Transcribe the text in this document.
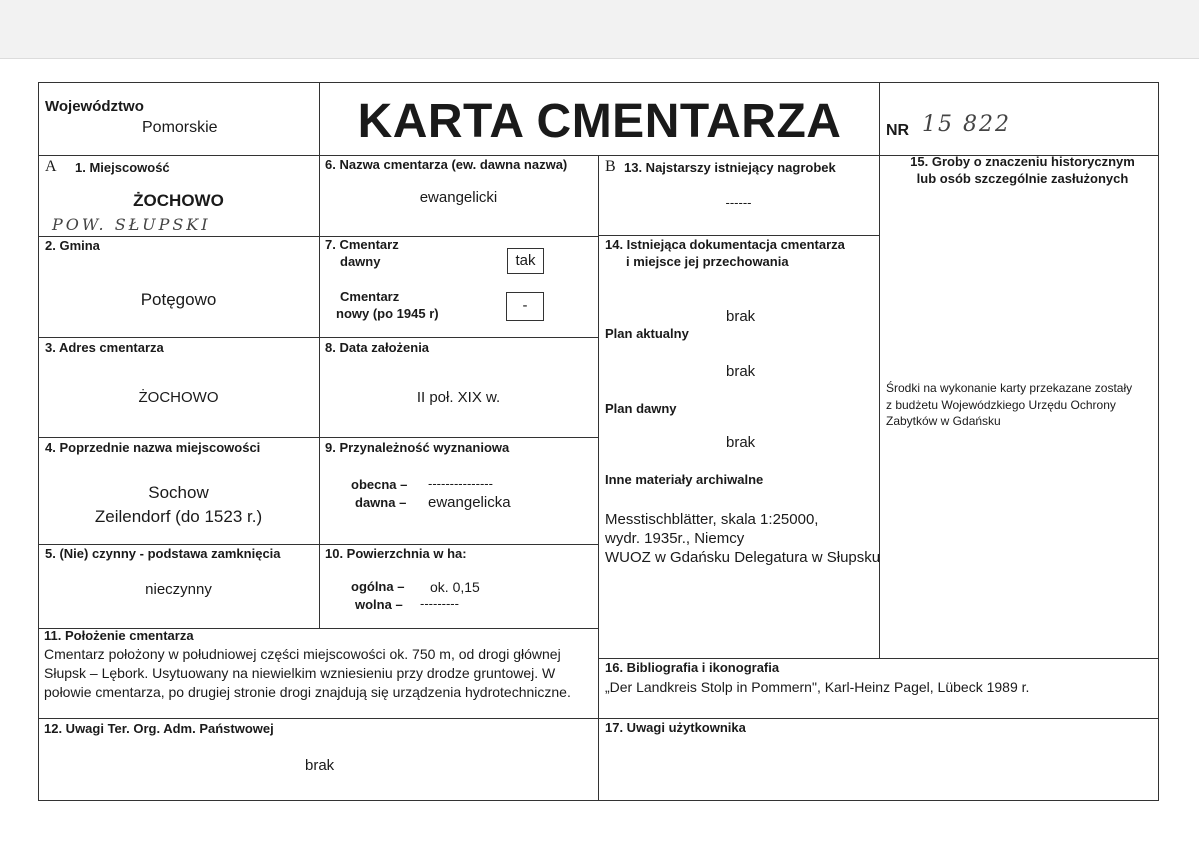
Województwo
Pomorskie	KARTA CMENTARZA	NR 15 822
A 1. Miejscowość
ŻOCHOWO
POW. SŁUPSKI
2. Gmina
Potęgowo
3. Adres cmentarza
ŻOCHOWO
4. Poprzednie nazwa miejscowości
Sochow
Zeilendorf (do 1523 r.)
5. (Nie) czynny - podstawa zamknięcia
nieczynny
6. Nazwa cmentarza (ew. dawna nazwa)
ewangelicki
7. Cmentarz
dawny	tak
Cmentarz
nowy (po 1945 r)	-
8. Data założenia
II poł. XIX w.
9. Przynależność wyznaniowa
obecna – ---------------
dawna – ewangelicka
10. Powierzchnia w ha:
ogólna – ok. 0,15
wolna – ---------
B 13. Najstarszy istniejący nagrobek
------
14. Istniejąca dokumentacja cmentarza
i miejsce jej przechowania
brak
Plan aktualny
brak
Plan dawny
brak
Inne materiały archiwalne
Messtischblätter, skala 1:25000,
wydr. 1935r., Niemcy
WUOZ w Gdańsku Delegatura w Słupsku
15. Groby o znaczeniu historycznym
lub osób szczególnie zasłużonych
Środki na wykonanie karty przekazane zostały
z budżetu Wojewódzkiego Urzędu Ochrony
Zabytków w Gdańsku
11. Położenie cmentarza
Cmentarz położony w południowej części miejscowości ok. 750 m, od drogi głównej
Słupsk – Lębork. Usytuowany na niewielkim wzniesieniu przy drodze gruntowej. W
połowie cmentarza, po drugiej stronie drogi znajdują się urządzenia hydrotechniczne.
16. Bibliografia i ikonografia
„Der Landkreis Stolp in Pommern", Karl-Heinz Pagel, Lübeck 1989 r.
12. Uwagi Ter. Org. Adm. Państwowej
brak
17. Uwagi użytkownika
